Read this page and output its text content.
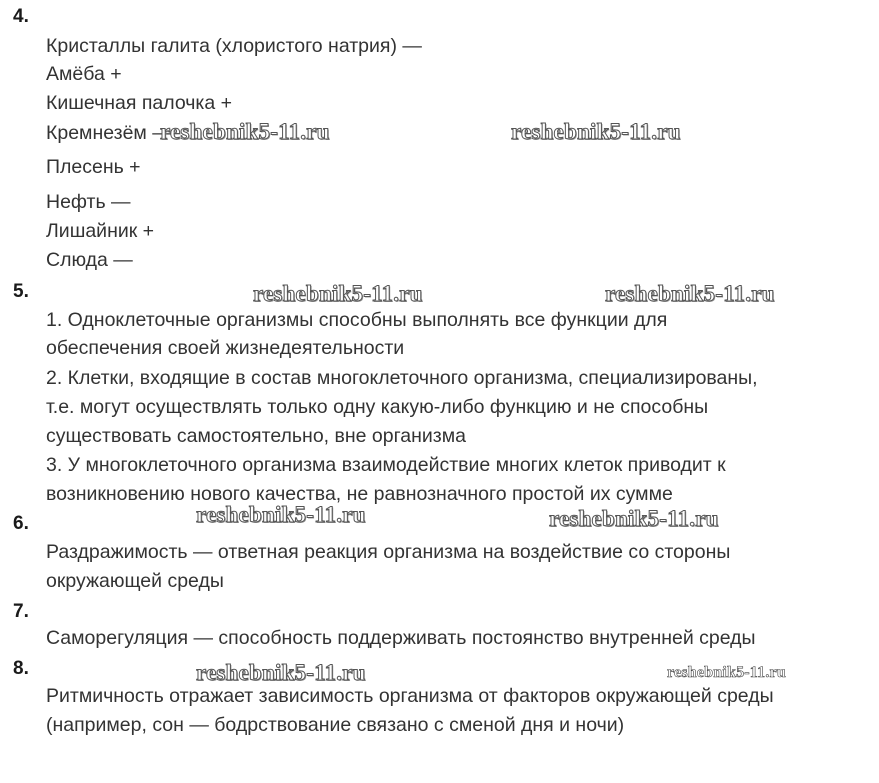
4.
Кристаллы галита (хлористого натрия) —
Амёба +
Кишечная палочка +
Кремнезём —
Плесень +
Нефть —
Лишайник +
Слюда —
5.
1. Одноклеточные организмы способны выполнять все функции для
обеспечения своей жизнедеятельности
2. Клетки, входящие в состав многоклеточного организма, специализированы,
т.е. могут осуществлять только одну какую-либо функцию и не способны
существовать самостоятельно, вне организма
3. У многоклеточного организма взаимодействие многих клеток приводит к
возникновению нового качества, не равнозначного простой их сумме
6.
Раздражимость — ответная реакция организма на воздействие со стороны
окружающей среды
7.
Саморегуляция — способность поддерживать постоянство внутренней среды
8.
Ритмичность отражает зависимость организма от факторов окружающей среды
(например, сон — бодрствование связано с сменой дня и ночи)
reshebnik5-11.ru	reshebnik5-11.ru
reshebnik5-11.ru	reshebnik5-11.ru
reshebnik5-11.ru	reshebnik5-11.ru
reshebnik5-11.ru	reshebnik5-11.ru
